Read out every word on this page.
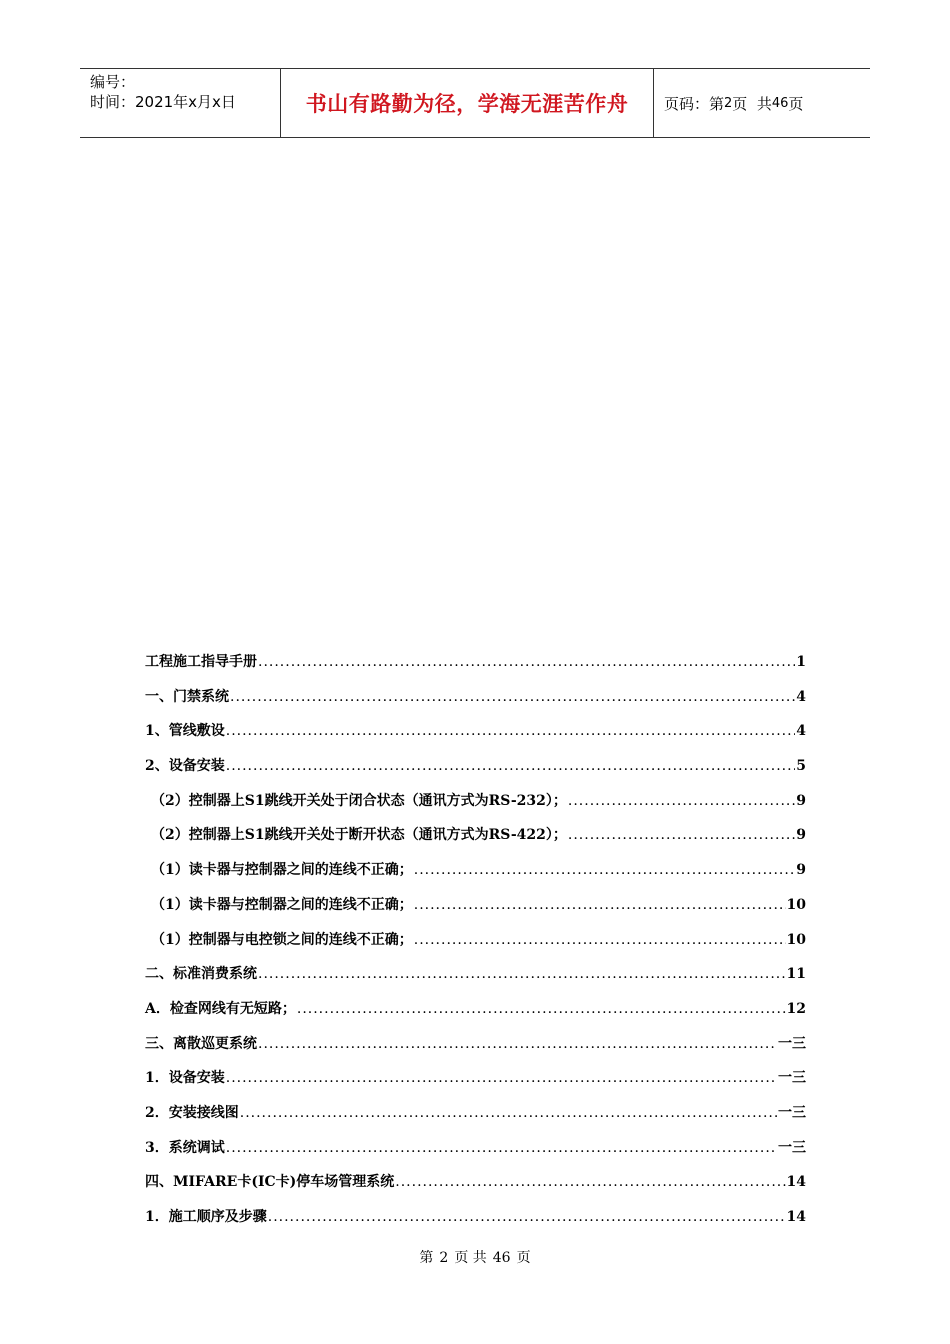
编号：
时间：2021年x月x日	书山有路勤为径，学海无涯苦作舟	页码：第 2 页  共 46 页
工程施工指导手册 .....	1
一、门禁系统 .....	4
1、管线敷设 .....	4
2、设备安装 .....	5
（2）控制器上S1跳线开关处于闭合状态（通讯方式为RS-232）； .....	9
（2）控制器上S1跳线开关处于断开状态（通讯方式为RS-422）； .....	9
（1）读卡器与控制器之间的连线不正确； .....	9
（1）读卡器与控制器之间的连线不正确； .....	10
（1）控制器与电控锁之间的连线不正确； .....	10
二、标准消费系统 .....	11
A．检查网线有无短路； .....	12
三、离散巡更系统 .....	一三
1．设备安装 .....	一三
2．安装接线图 .....	一三
3．系统调试 .....	一三
四、MIFARE卡(IC卡)停车场管理系统 .....	14
1．施工顺序及步骤 .....	14
第 2 页 共 46 页
